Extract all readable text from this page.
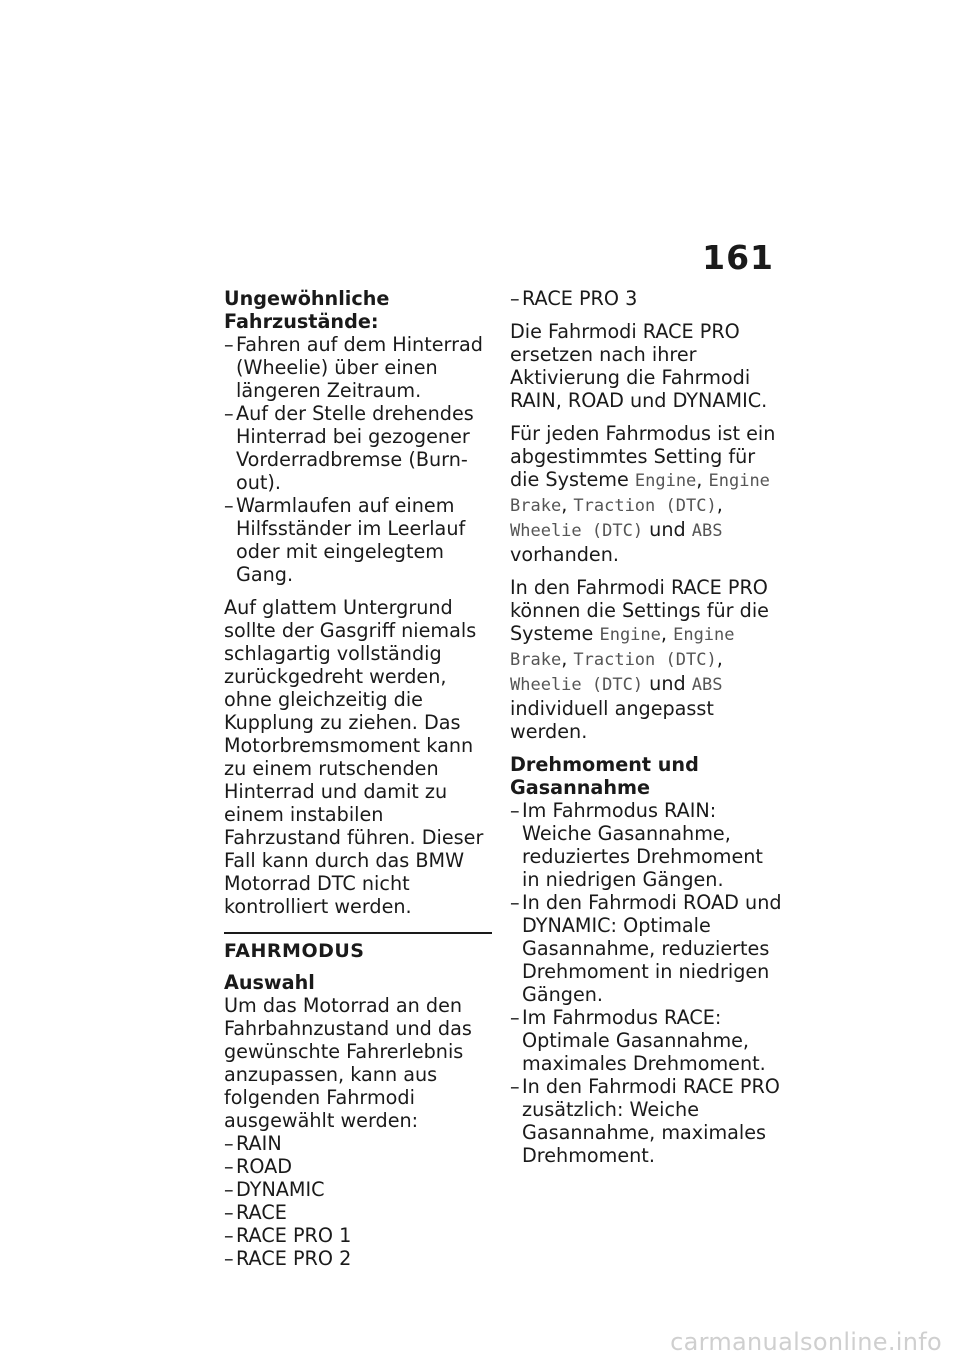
161
Ungewöhnliche Fahrzustände:
– Fahren auf dem Hinterrad (Wheelie) über einen längeren Zeitraum.
– Auf der Stelle drehendes Hinterrad bei gezogener Vorderradbremse (Burn-out).
– Warmlaufen auf einem Hilfsständer im Leerlauf oder mit eingelegtem Gang.

Auf glattem Untergrund sollte der Gasgriff niemals schlagartig vollständig zurückgedreht werden, ohne gleichzeitig die Kupplung zu ziehen. Das Motorbremsmoment kann zu einem rutschenden Hinterrad und damit zu einem instabilen Fahrzustand führen. Dieser Fall kann durch das BMW Motorrad DTC nicht kontrolliert werden.

FAHRMODUS
Auswahl

Um das Motorrad an den Fahrbahnzustand und das gewünschte Fahrerlebnis anzupassen, kann aus folgenden Fahrmodi ausgewählt werden:

– RAIN
– ROAD
– DYNAMIC
– RACE
– RACE PRO 1
– RACE PRO 2
– RACE PRO 3

Die Fahrmodi RACE PRO ersetzen nach ihrer Aktivierung die Fahrmodi RAIN, ROAD und DYNAMIC.

Für jeden Fahrmodus ist ein abgestimmtes Setting für die Systeme Engine, Engine Brake, Traction (DTC), Wheelie (DTC) und ABS vorhanden.

In den Fahrmodi RACE PRO können die Settings für die Systeme Engine, Engine Brake, Traction (DTC), Wheelie (DTC) und ABS individuell angepasst werden.

Drehmoment und Gasannahme
– Im Fahrmodus RAIN: Weiche Gasannahme, reduziertes Drehmoment in niedrigen Gängen.
– In den Fahrmodi ROAD und DYNAMIC: Optimale Gasannahme, reduziertes Drehmoment in niedrigen Gängen.
– Im Fahrmodus RACE: Optimale Gasannahme, maximales Drehmoment.
– In den Fahrmodi RACE PRO zusätzlich: Weiche Gasannahme, maximales Drehmoment.
carmanualsonline.info
